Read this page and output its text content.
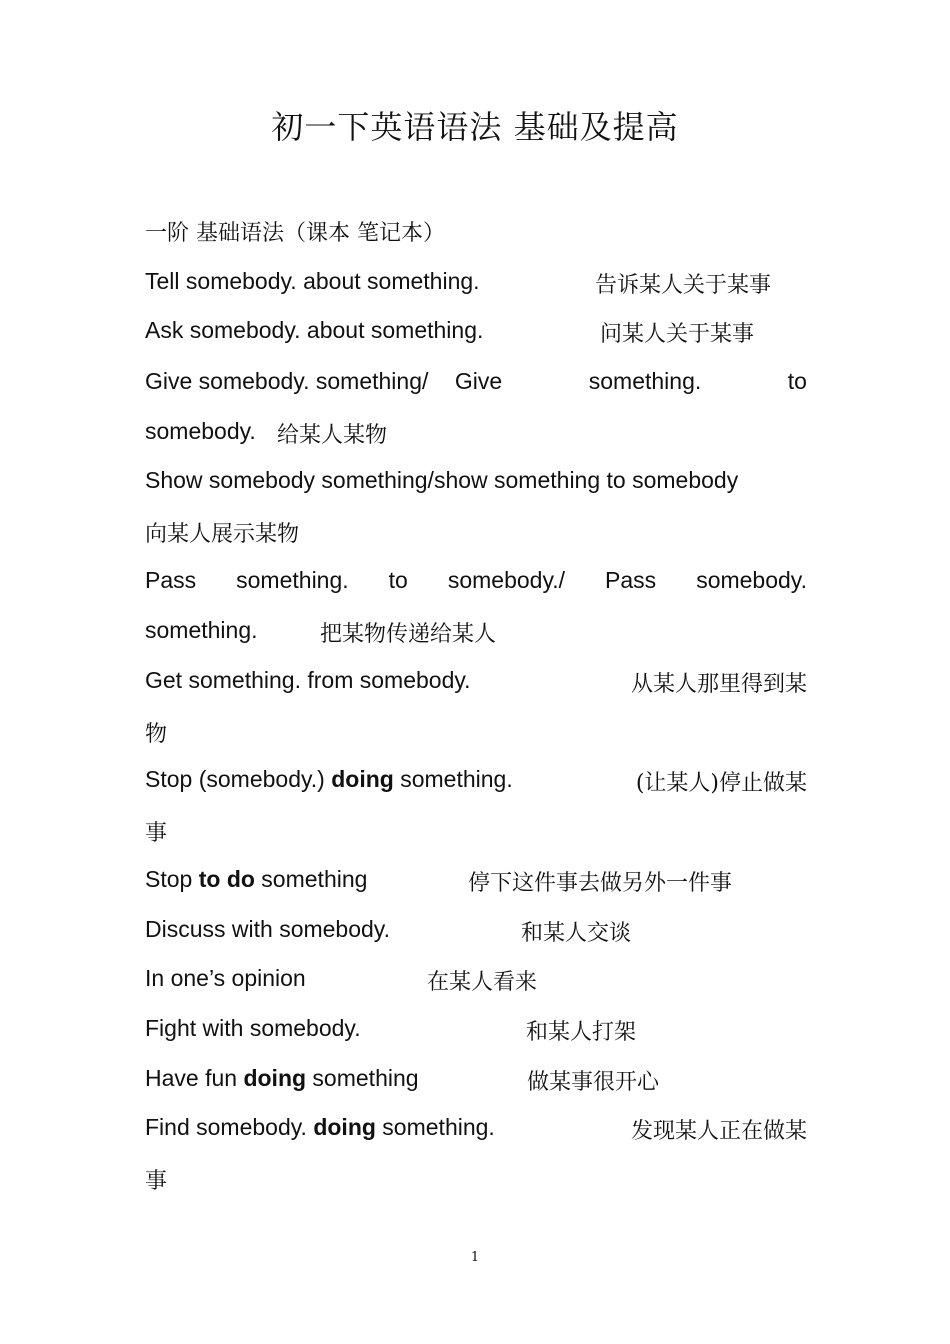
初一下英语语法 基础及提高
一阶 基础语法（课本 笔记本）
Tell somebody. about something.	告诉某人关于某事
Ask somebody. about something.	问某人关于某事
Give somebody. something/ Give	something.	to
somebody. 给某人某物
Show somebody something/show something to somebody
向某人展示某物
Pass something. to somebody./ Pass somebody.
something.	把某物传递给某人
Get something. from somebody.	从某人那里得到某
物
Stop (somebody.) doing something.	(让某人)停止做某
事
Stop to do something	停下这件事去做另外一件事
Discuss with somebody.	和某人交谈
In one’s opinion	在某人看来
Fight with somebody.	和某人打架
Have fun doing something	做某事很开心
Find somebody. doing something.	发现某人正在做某
事
1
